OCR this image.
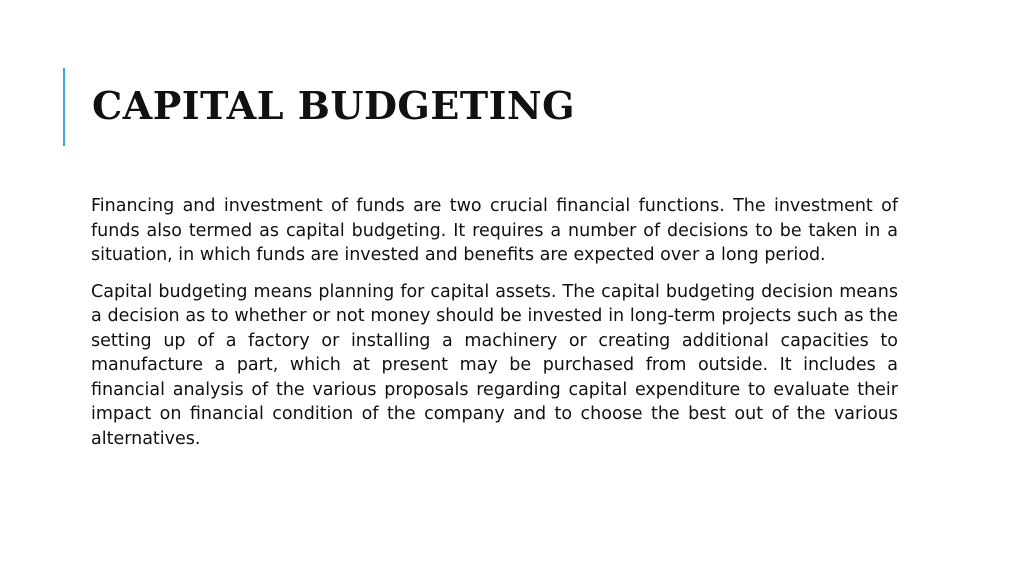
CAPITAL BUDGETING

Financing and investment of funds are two crucial financial functions. The investment of funds also termed as capital budgeting. It requires a number of decisions to be taken in a situation, in which funds are invested and benefits are expected over a long period.

Capital budgeting means planning for capital assets. The capital budgeting decision means a decision as to whether or not money should be invested in long-term projects such as the setting up of a factory or installing a machinery or creating additional capacities to manufacture a part, which at present may be purchased from outside. It includes a financial analysis of the various proposals regarding capital expenditure to evaluate their impact on financial condition of the company and to choose the best out of the various alternatives.
